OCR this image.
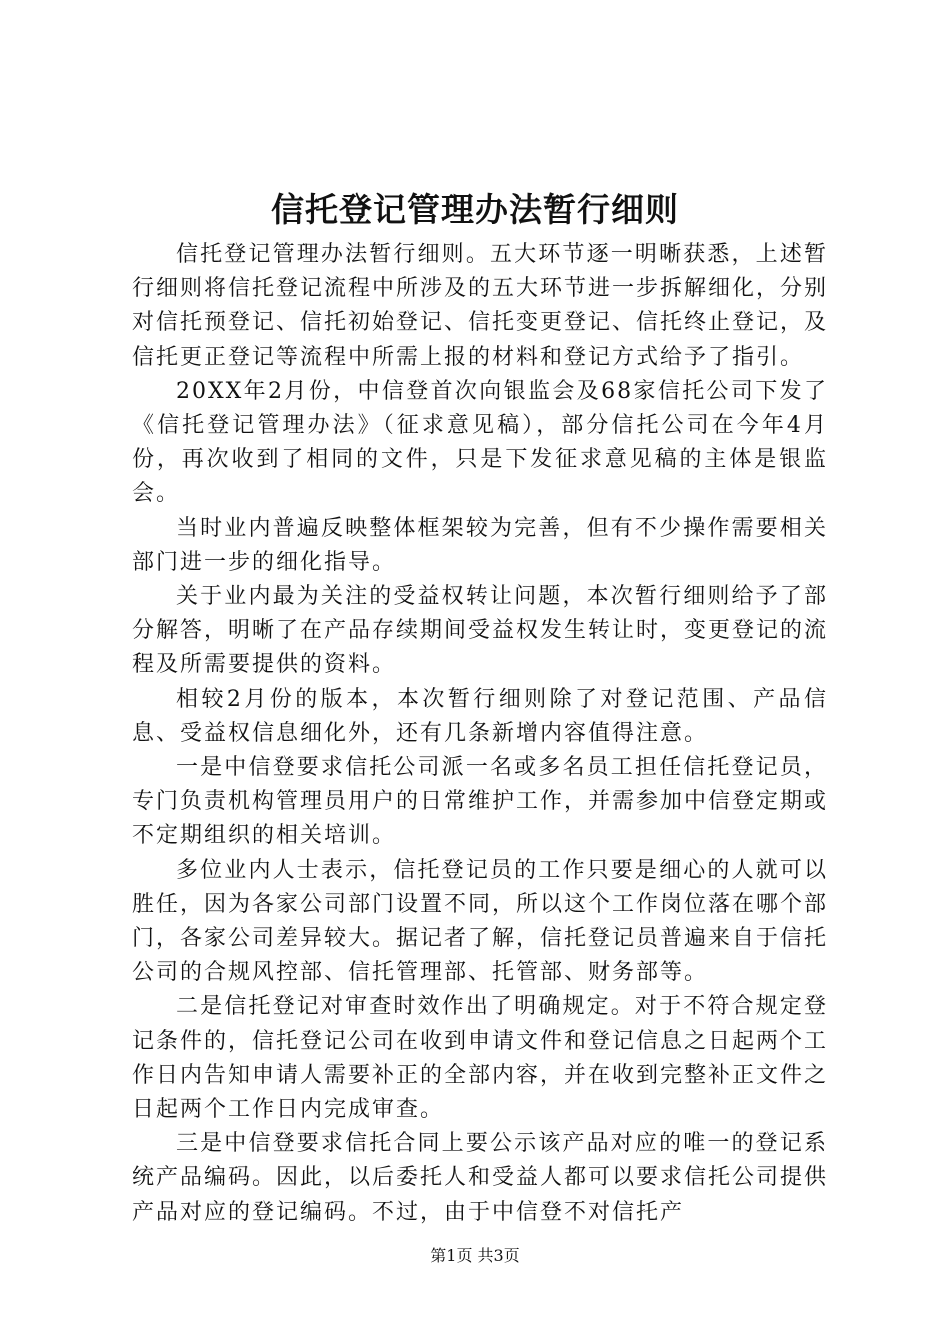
信托登记管理办法暂行细则

信托登记管理办法暂行细则。五大环节逐一明晰获悉，上述暂行细则将信托登记流程中所涉及的五大环节进一步拆解细化，分别对信托预登记、信托初始登记、信托变更登记、信托终止登记，及信托更正登记等流程中所需上报的材料和登记方式给予了指引。

20XX年2月份，中信登首次向银监会及68家信托公司下发了《信托登记管理办法》（征求意见稿），部分信托公司在今年4月份，再次收到了相同的文件，只是下发征求意见稿的主体是银监会。

当时业内普遍反映整体框架较为完善，但有不少操作需要相关部门进一步的细化指导。

关于业内最为关注的受益权转让问题，本次暂行细则给予了部分解答，明晰了在产品存续期间受益权发生转让时，变更登记的流程及所需要提供的资料。

相较2月份的版本，本次暂行细则除了对登记范围、产品信息、受益权信息细化外，还有几条新增内容值得注意。

一是中信登要求信托公司派一名或多名员工担任信托登记员，专门负责机构管理员用户的日常维护工作，并需参加中信登定期或不定期组织的相关培训。

多位业内人士表示，信托登记员的工作只要是细心的人就可以胜任，因为各家公司部门设置不同，所以这个工作岗位落在哪个部门，各家公司差异较大。据记者了解，信托登记员普遍来自于信托公司的合规风控部、信托管理部、托管部、财务部等。

二是信托登记对审查时效作出了明确规定。对于不符合规定登记条件的，信托登记公司在收到申请文件和登记信息之日起两个工作日内告知申请人需要补正的全部内容，并在收到完整补正文件之日起两个工作日内完成审查。

三是中信登要求信托合同上要公示该产品对应的唯一的登记系统产品编码。因此，以后委托人和受益人都可以要求信托公司提供产品对应的登记编码。不过，由于中信登不对信托产

第1页 共3页
